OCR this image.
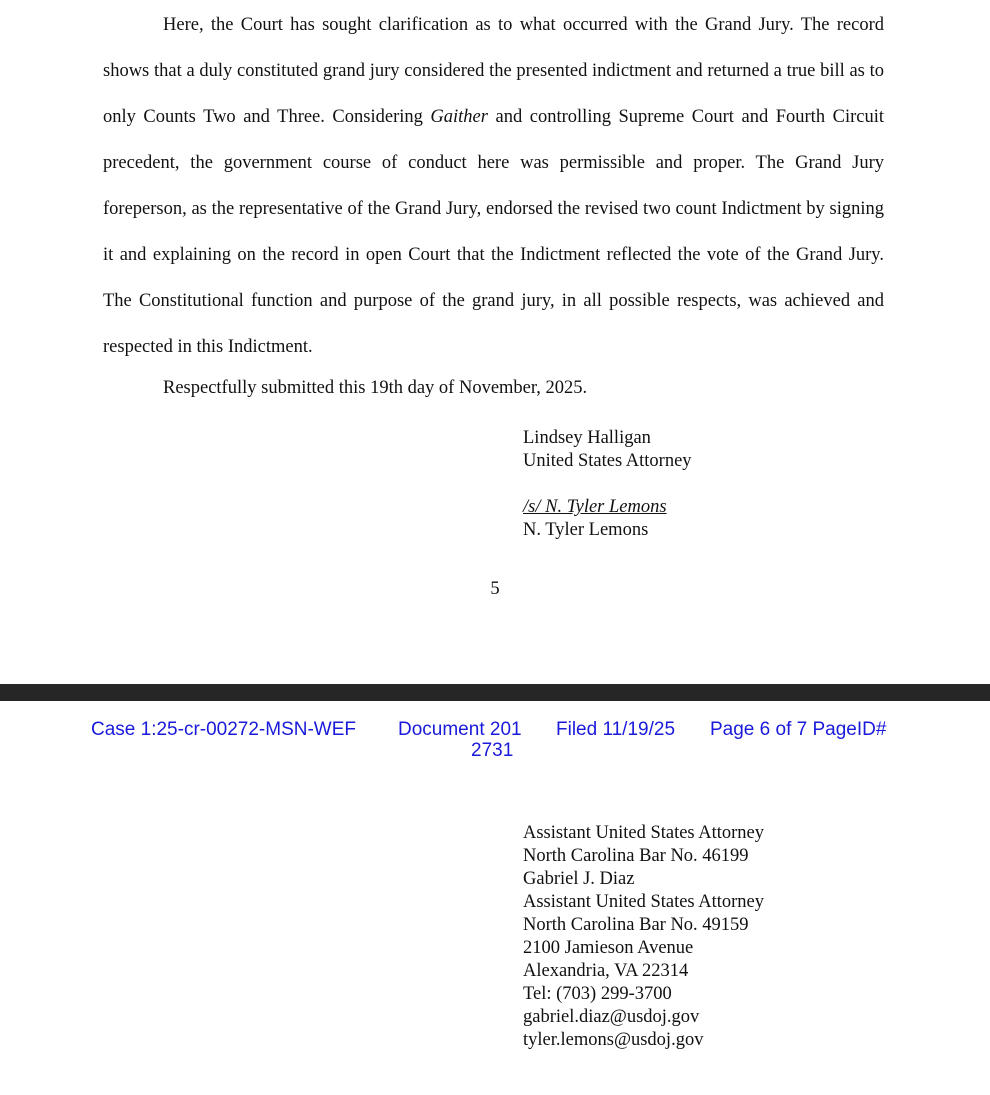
Here, the Court has sought clarification as to what occurred with the Grand Jury. The record shows that a duly constituted grand jury considered the presented indictment and returned a true bill as to only Counts Two and Three. Considering Gaither and controlling Supreme Court and Fourth Circuit precedent, the government course of conduct here was permissible and proper. The Grand Jury foreperson, as the representative of the Grand Jury, endorsed the revised two count Indictment by signing it and explaining on the record in open Court that the Indictment reflected the vote of the Grand Jury. The Constitutional function and purpose of the grand jury, in all possible respects, was achieved and respected in this Indictment.

Respectfully submitted this 19th day of November, 2025.

Lindsey Halligan
United States Attorney
/s/ N. Tyler Lemons
N. Tyler Lemons
5
Case 1:25-cr-00272-MSN-WEF Document 201 Filed 11/19/25 Page 6 of 7 PageID#
2731
Assistant United States Attorney
North Carolina Bar No. 46199
Gabriel J. Diaz
Assistant United States Attorney
North Carolina Bar No. 49159
2100 Jamieson Avenue
Alexandria, VA 22314
Tel: (703) 299-3700
gabriel.diaz@usdoj.gov
tyler.lemons@usdoj.gov
